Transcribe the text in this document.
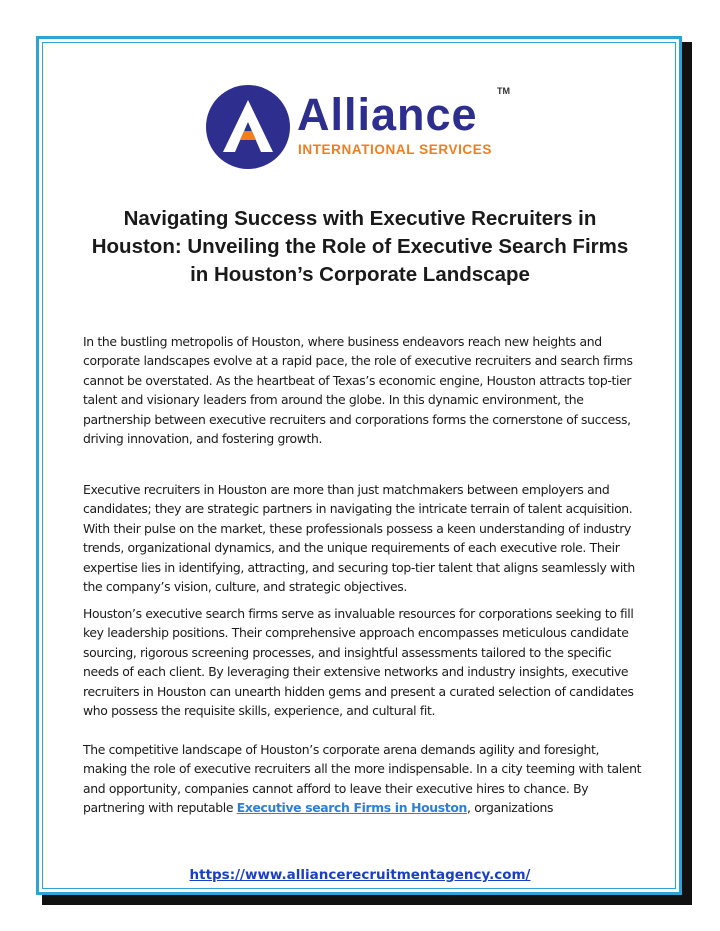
Alliance TM
INTERNATIONAL SERVICES
Navigating Success with Executive Recruiters in Houston: Unveiling the Role of Executive Search Firms in Houston’s Corporate Landscape

In the bustling metropolis of Houston, where business endeavors reach new heights and corporate landscapes evolve at a rapid pace, the role of executive recruiters and search firms cannot be overstated. As the heartbeat of Texas’s economic engine, Houston attracts top-tier talent and visionary leaders from around the globe. In this dynamic environment, the partnership between executive recruiters and corporations forms the cornerstone of success, driving innovation, and fostering growth.

Executive recruiters in Houston are more than just matchmakers between employers and candidates; they are strategic partners in navigating the intricate terrain of talent acquisition. With their pulse on the market, these professionals possess a keen understanding of industry trends, organizational dynamics, and the unique requirements of each executive role. Their expertise lies in identifying, attracting, and securing top-tier talent that aligns seamlessly with the company’s vision, culture, and strategic objectives.

Houston’s executive search firms serve as invaluable resources for corporations seeking to fill key leadership positions. Their comprehensive approach encompasses meticulous candidate sourcing, rigorous screening processes, and insightful assessments tailored to the specific needs of each client. By leveraging their extensive networks and industry insights, executive recruiters in Houston can unearth hidden gems and present a curated selection of candidates who possess the requisite skills, experience, and cultural fit.

The competitive landscape of Houston’s corporate arena demands agility and foresight, making the role of executive recruiters all the more indispensable. In a city teeming with talent and opportunity, companies cannot afford to leave their executive hires to chance. By partnering with reputable Executive search Firms in Houston, organizations

https://www.alliancerecruitmentagency.com/
